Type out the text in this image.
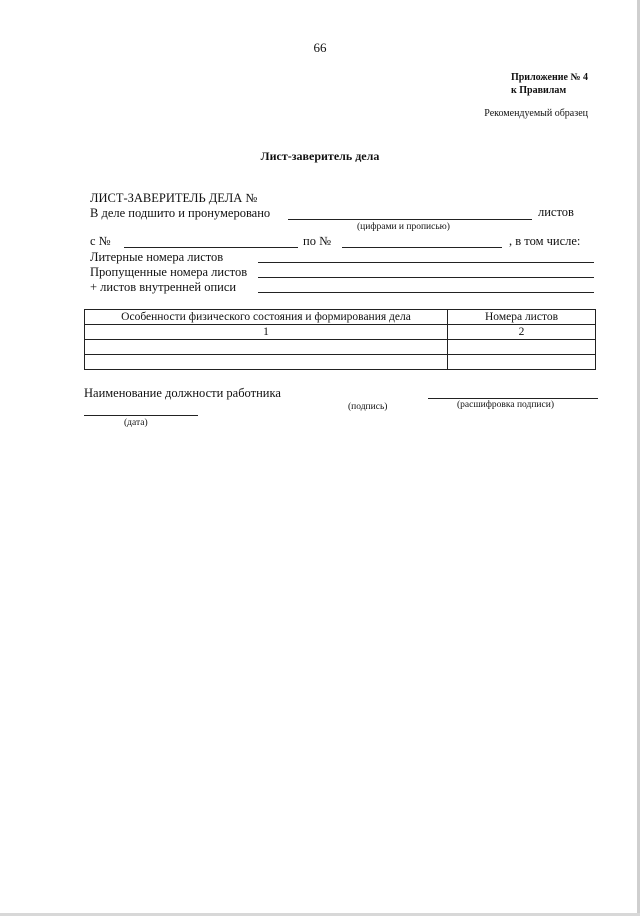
66
Приложение № 4
к Правилам
Рекомендуемый образец
Лист-заверитель дела
ЛИСТ-ЗАВЕРИТЕЛЬ ДЕЛА №
В деле подшито и пронумеровано	листов
(цифрами и прописью)
с №	по №	, в том числе:
Литерные номера листов
Пропущенные номера листов
+ листов внутренней описи
Особенности физического состояния и формирования дела	Номера листов
1	2

Наименование должности работника
(подпись)	(расшифровка подписи)
(дата)
